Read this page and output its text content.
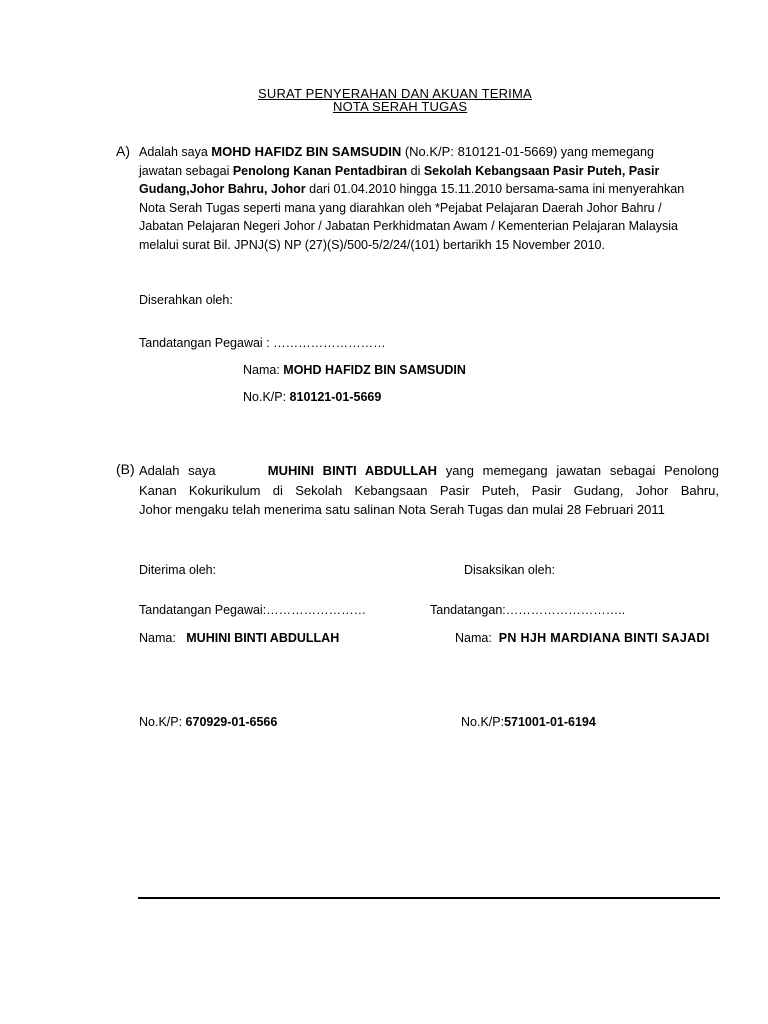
SURAT PENYERAHAN DAN AKUAN TERIMA
NOTA SERAH TUGAS
A) Adalah saya MOHD HAFIDZ BIN SAMSUDIN (No.K/P: 810121-01-5669) yang memegang
jawatan sebagai Penolong Kanan Pentadbiran di Sekolah Kebangsaan Pasir Puteh, Pasir
Gudang,Johor Bahru, Johor dari 01.04.2010 hingga 15.11.2010 bersama-sama ini menyerahkan
Nota Serah Tugas seperti mana yang diarahkan oleh *Pejabat Pelajaran Daerah Johor Bahru /
Jabatan Pelajaran Negeri Johor / Jabatan Perkhidmatan Awam / Kementerian Pelajaran Malaysia
melalui surat Bil. JPNJ(S) NP (27)(S)/500-5/2/24/(101) bertarikh 15 November 2010.
Diserahkan oleh:
Tandatangan Pegawai : ………………………
Nama: MOHD HAFIDZ BIN SAMSUDIN
No.K/P: 810121-01-5669
(B) Adalah saya	MUHINI BINTI ABDULLAH yang memegang jawatan sebagai Penolong
Kanan Kokurikulum di Sekolah Kebangsaan Pasir Puteh, Pasir Gudang, Johor Bahru,
Johor mengaku telah menerima satu salinan Nota Serah Tugas dan mulai 28 Februari 2011
Diterima oleh:	Disaksikan oleh:
Tandatangan Pegawai:……………………	Tandatangan:………………………..
Nama: MUHINI BINTI ABDULLAH	Nama: PN HJH MARDIANA BINTI SAJADI
No.K/P: 670929-01-6566	No.K/P:571001-01-6194
